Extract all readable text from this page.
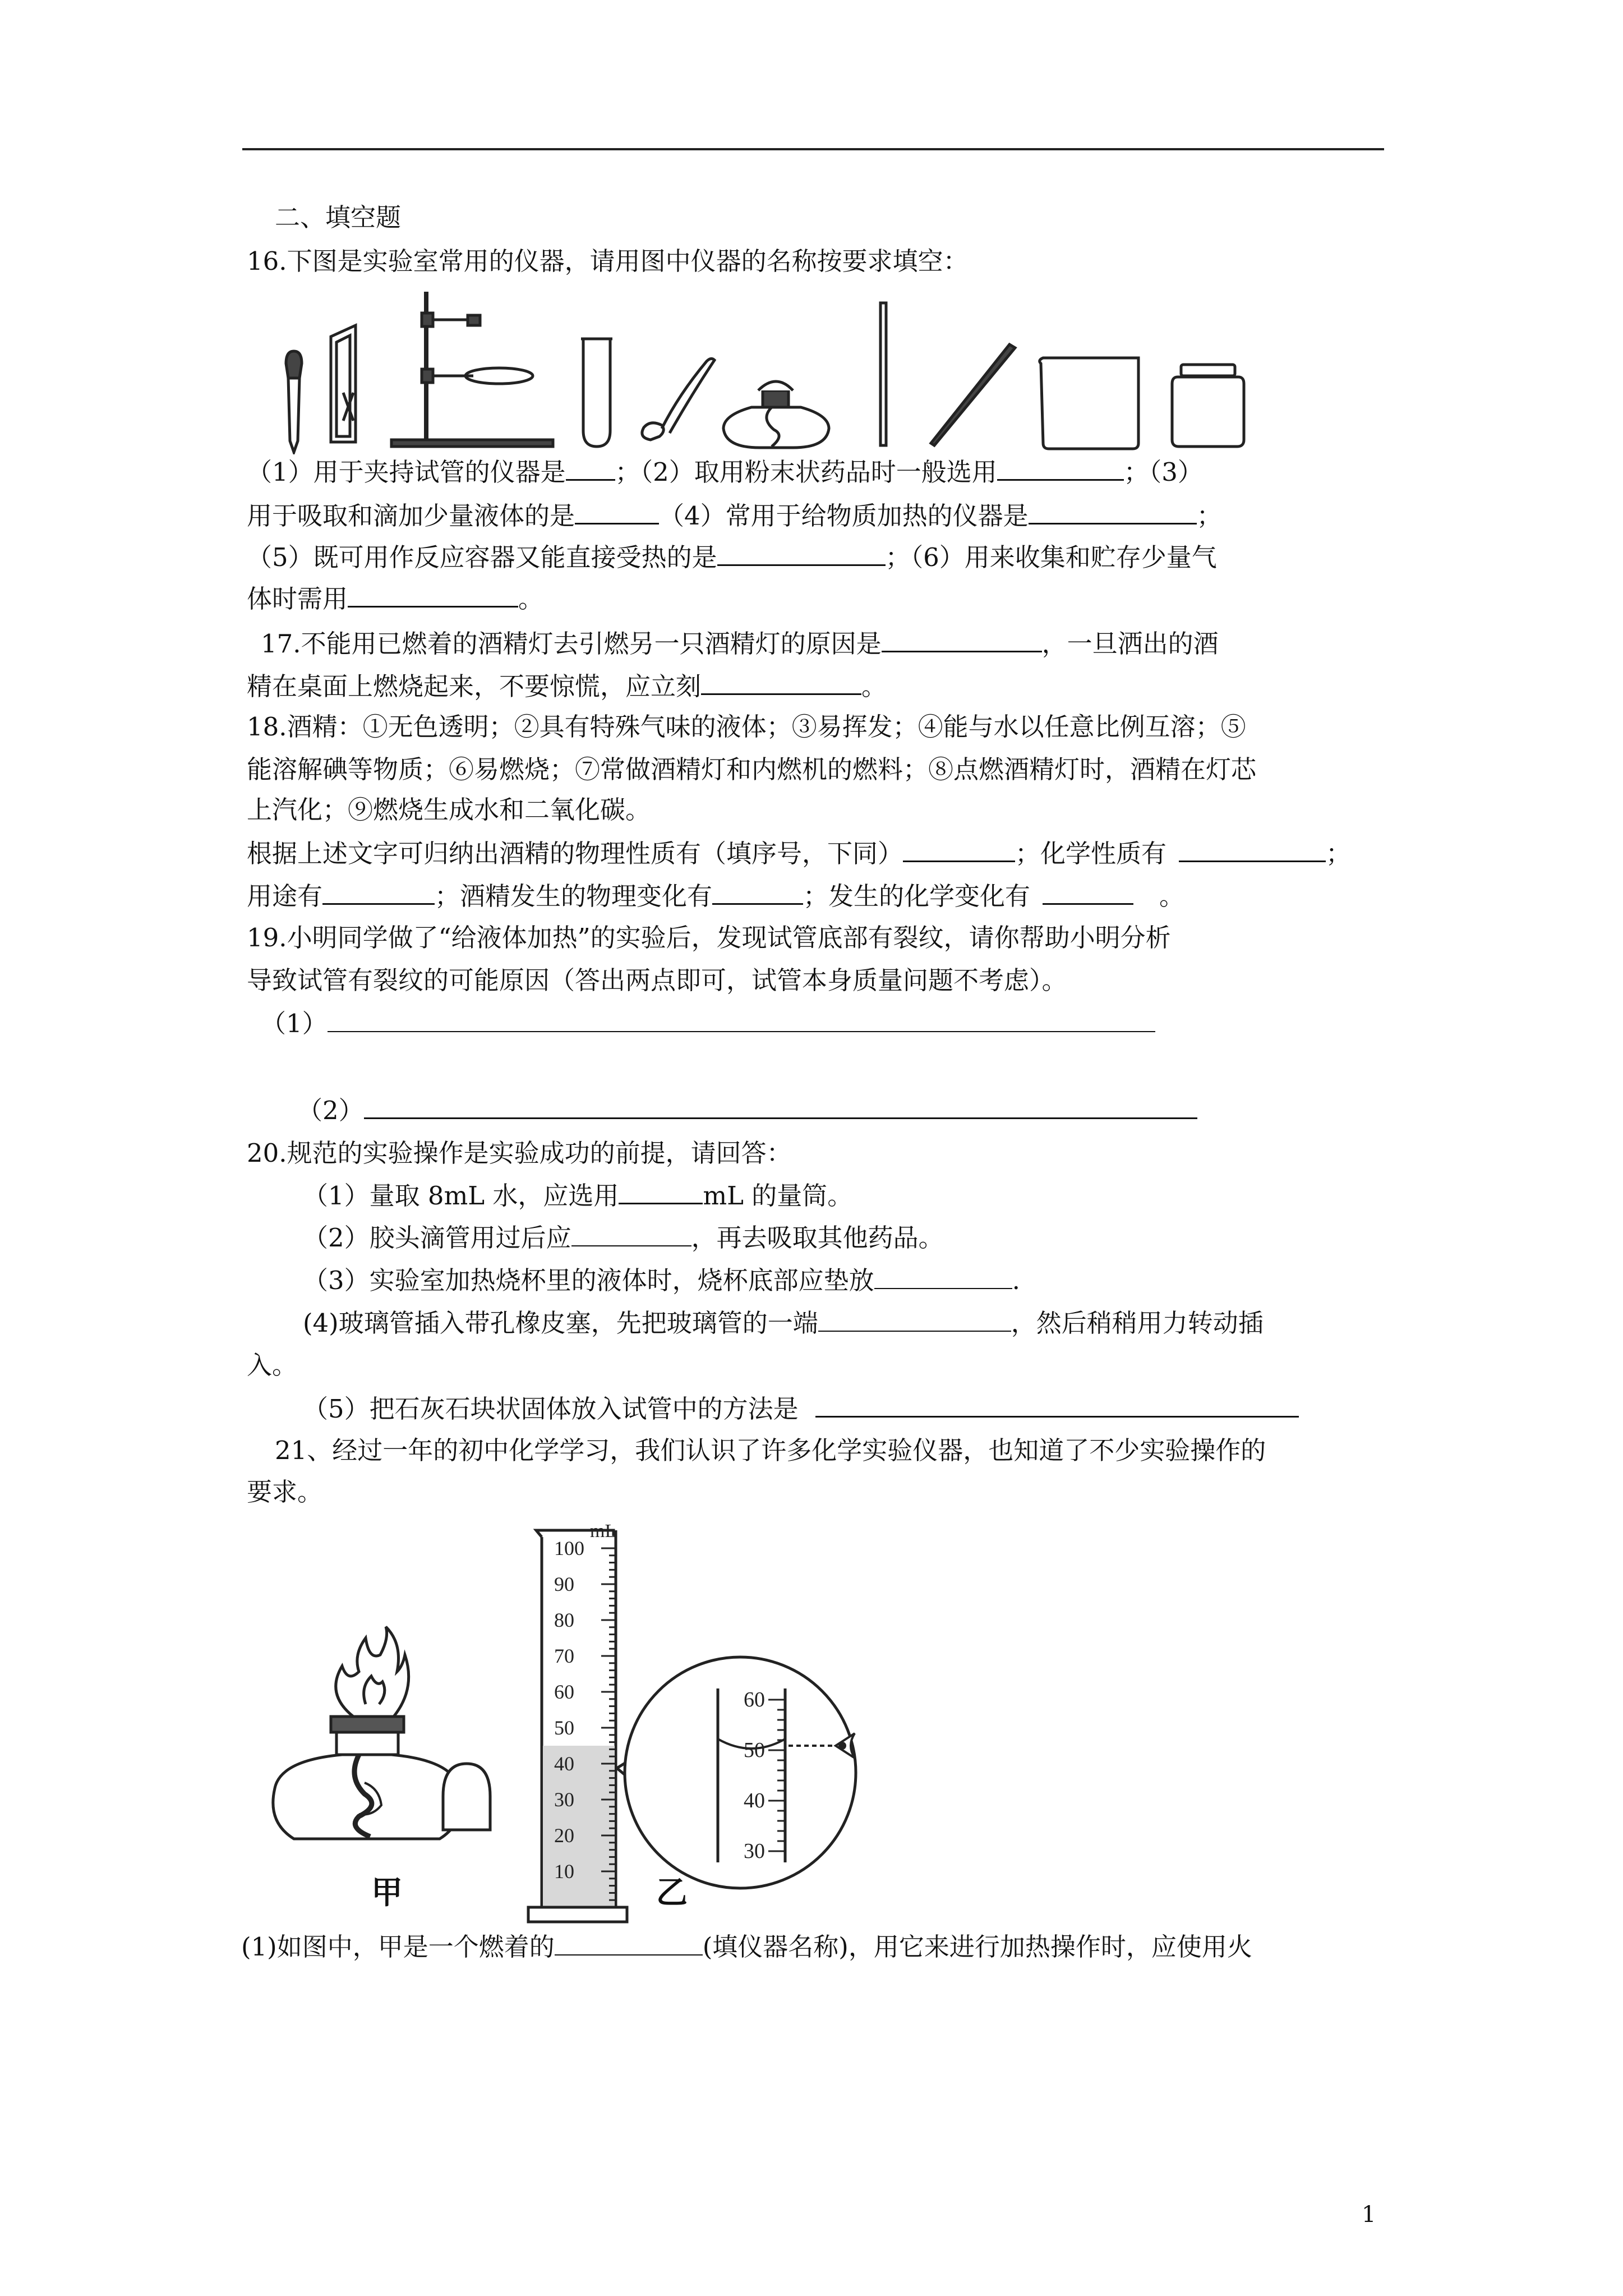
二、填空题
16.下图是实验室常用的仪器，请用图中仪器的名称按要求填空：
（1）用于夹持试管的仪器是 ；（2）取用粉末状药品时一般选用	；（3）
用于吸取和滴加少量液体的是	（4）常用于给物质加热的仪器是	；
（5）既可用作反应容器又能直接受热的是	；（6）用来收集和贮存少量气
体时需用	。
17.不能用已燃着的酒精灯去引燃另一只酒精灯的原因是	，一旦洒出的酒
精在桌面上燃烧起来，不要惊慌，应立刻	。
18.酒精：①无色透明；②具有特殊气味的液体；③易挥发；④能与水以任意比例互溶；⑤
能溶解碘等物质；⑥易燃烧；⑦常做酒精灯和内燃机的燃料；⑧点燃酒精灯时，酒精在灯芯
上汽化；⑨燃烧生成水和二氧化碳。
根据上述文字可归纳出酒精的物理性质有（填序号，下同）	；化学性质有	；
用途有	；酒精发生的物理变化有	；发生的化学变化有	。
19.小明同学做了“给液体加热”的实验后，发现试管底部有裂纹，请你帮助小明分析
导致试管有裂纹的可能原因（答出两点即可，试管本身质量问题不考虑）。
（1）
（2）
20.规范的实验操作是实验成功的前提，请回答：
（1）量取 8mL 水，应选用	mL 的量筒。
（2）胶头滴管用过后应	，再去吸取其他药品。
（3）实验室加热烧杯里的液体时，烧杯底部应垫放	.
(4)玻璃管插入带孔橡皮塞，先把玻璃管的一端	，然后稍稍用力转动插
入。
（5）把石灰石块状固体放入试管中的方法是
21、经过一年的初中化学学习，我们认识了许多化学实验仪器，也知道了不少实验操作的
要求。
100
90
80
70
60
50
40
30
20
10
mL
60
50
40
30
甲	乙
(1)如图中，甲是一个燃着的	(填仪器名称)，用它来进行加热操作时，应使用火
1
